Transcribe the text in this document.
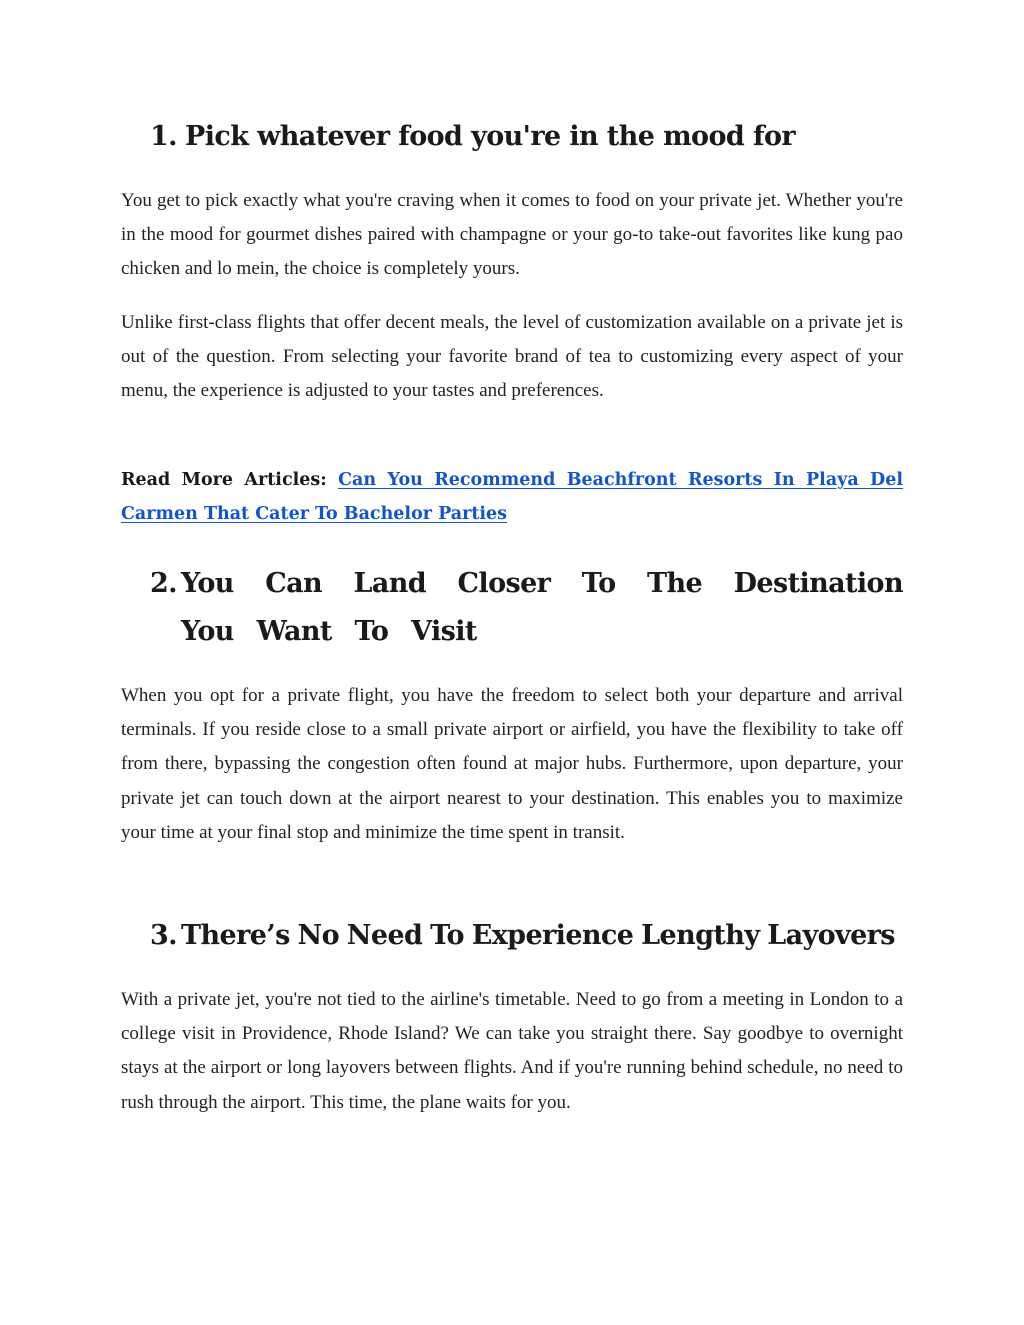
1. Pick whatever food you're in the mood for

You get to pick exactly what you're craving when it comes to food on your private jet. Whether you're in the mood for gourmet dishes paired with champagne or your go-to take-out favorites like kung pao chicken and lo mein, the choice is completely yours.

Unlike first-class flights that offer decent meals, the level of customization available on a private jet is out of the question. From selecting your favorite brand of tea to customizing every aspect of your menu, the experience is adjusted to your tastes and preferences.

Read More Articles: Can You Recommend Beachfront Resorts In Playa Del Carmen That Cater To Bachelor Parties

2. You Can Land Closer To The Destination You Want To Visit

When you opt for a private flight, you have the freedom to select both your departure and arrival terminals. If you reside close to a small private airport or airfield, you have the flexibility to take off from there, bypassing the congestion often found at major hubs. Furthermore, upon departure, your private jet can touch down at the airport nearest to your destination. This enables you to maximize your time at your final stop and minimize the time spent in transit.

3. There’s No Need To Experience Lengthy Layovers

With a private jet, you're not tied to the airline's timetable. Need to go from a meeting in London to a college visit in Providence, Rhode Island? We can take you straight there. Say goodbye to overnight stays at the airport or long layovers between flights. And if you're running behind schedule, no need to rush through the airport. This time, the plane waits for you.
